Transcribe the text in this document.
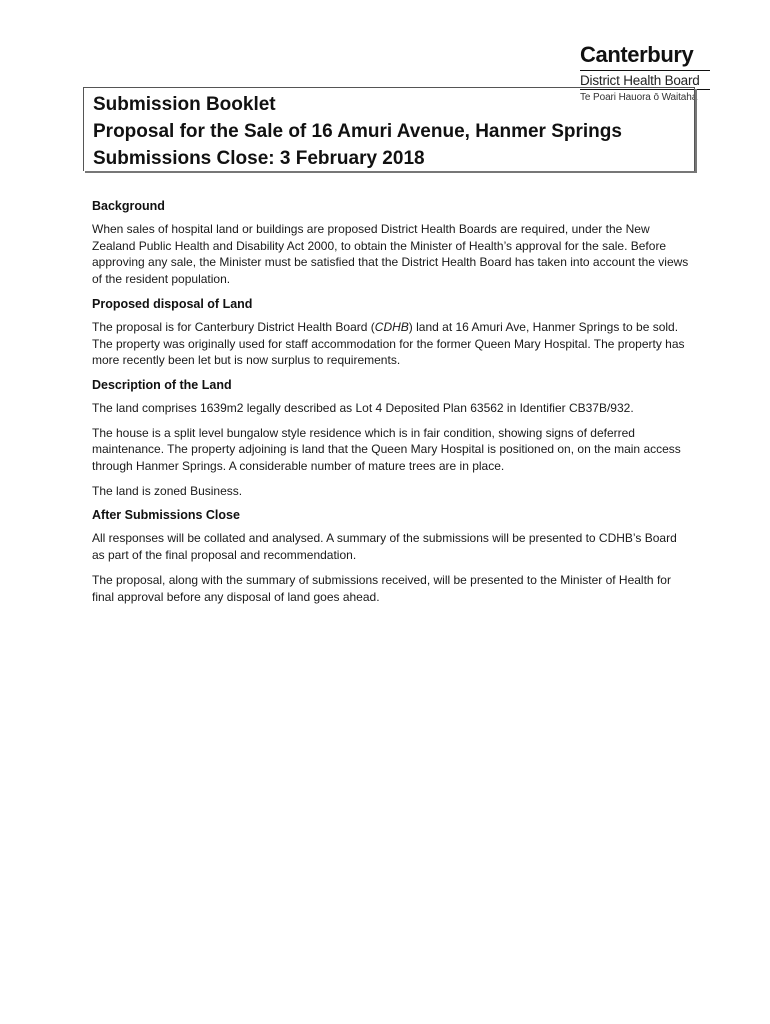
Canterbury
District Health Board
Te Poari Hauora ō Waitaha
Submission Booklet
Proposal for the Sale of 16 Amuri Avenue, Hanmer Springs
Submissions Close: 3 February 2018
Background

When sales of hospital land or buildings are proposed District Health Boards are required, under the New Zealand Public Health and Disability Act 2000, to obtain the Minister of Health’s approval for the sale. Before approving any sale, the Minister must be satisfied that the District Health Board has taken into account the views of the resident population.

Proposed disposal of Land

The proposal is for Canterbury District Health Board (CDHB) land at 16 Amuri Ave, Hanmer Springs to be sold. The property was originally used for staff accommodation for the former Queen Mary Hospital. The property has more recently been let but is now surplus to requirements.

Description of the Land

The land comprises 1639m2 legally described as Lot 4 Deposited Plan 63562 in Identifier CB37B/932.

The house is a split level bungalow style residence which is in fair condition, showing signs of deferred maintenance. The property adjoining is land that the Queen Mary Hospital is positioned on, on the main access through Hanmer Springs. A considerable number of mature trees are in place.

The land is zoned Business.

After Submissions Close

All responses will be collated and analysed. A summary of the submissions will be presented to CDHB’s Board as part of the final proposal and recommendation.

The proposal, along with the summary of submissions received, will be presented to the Minister of Health for final approval before any disposal of land goes ahead.
